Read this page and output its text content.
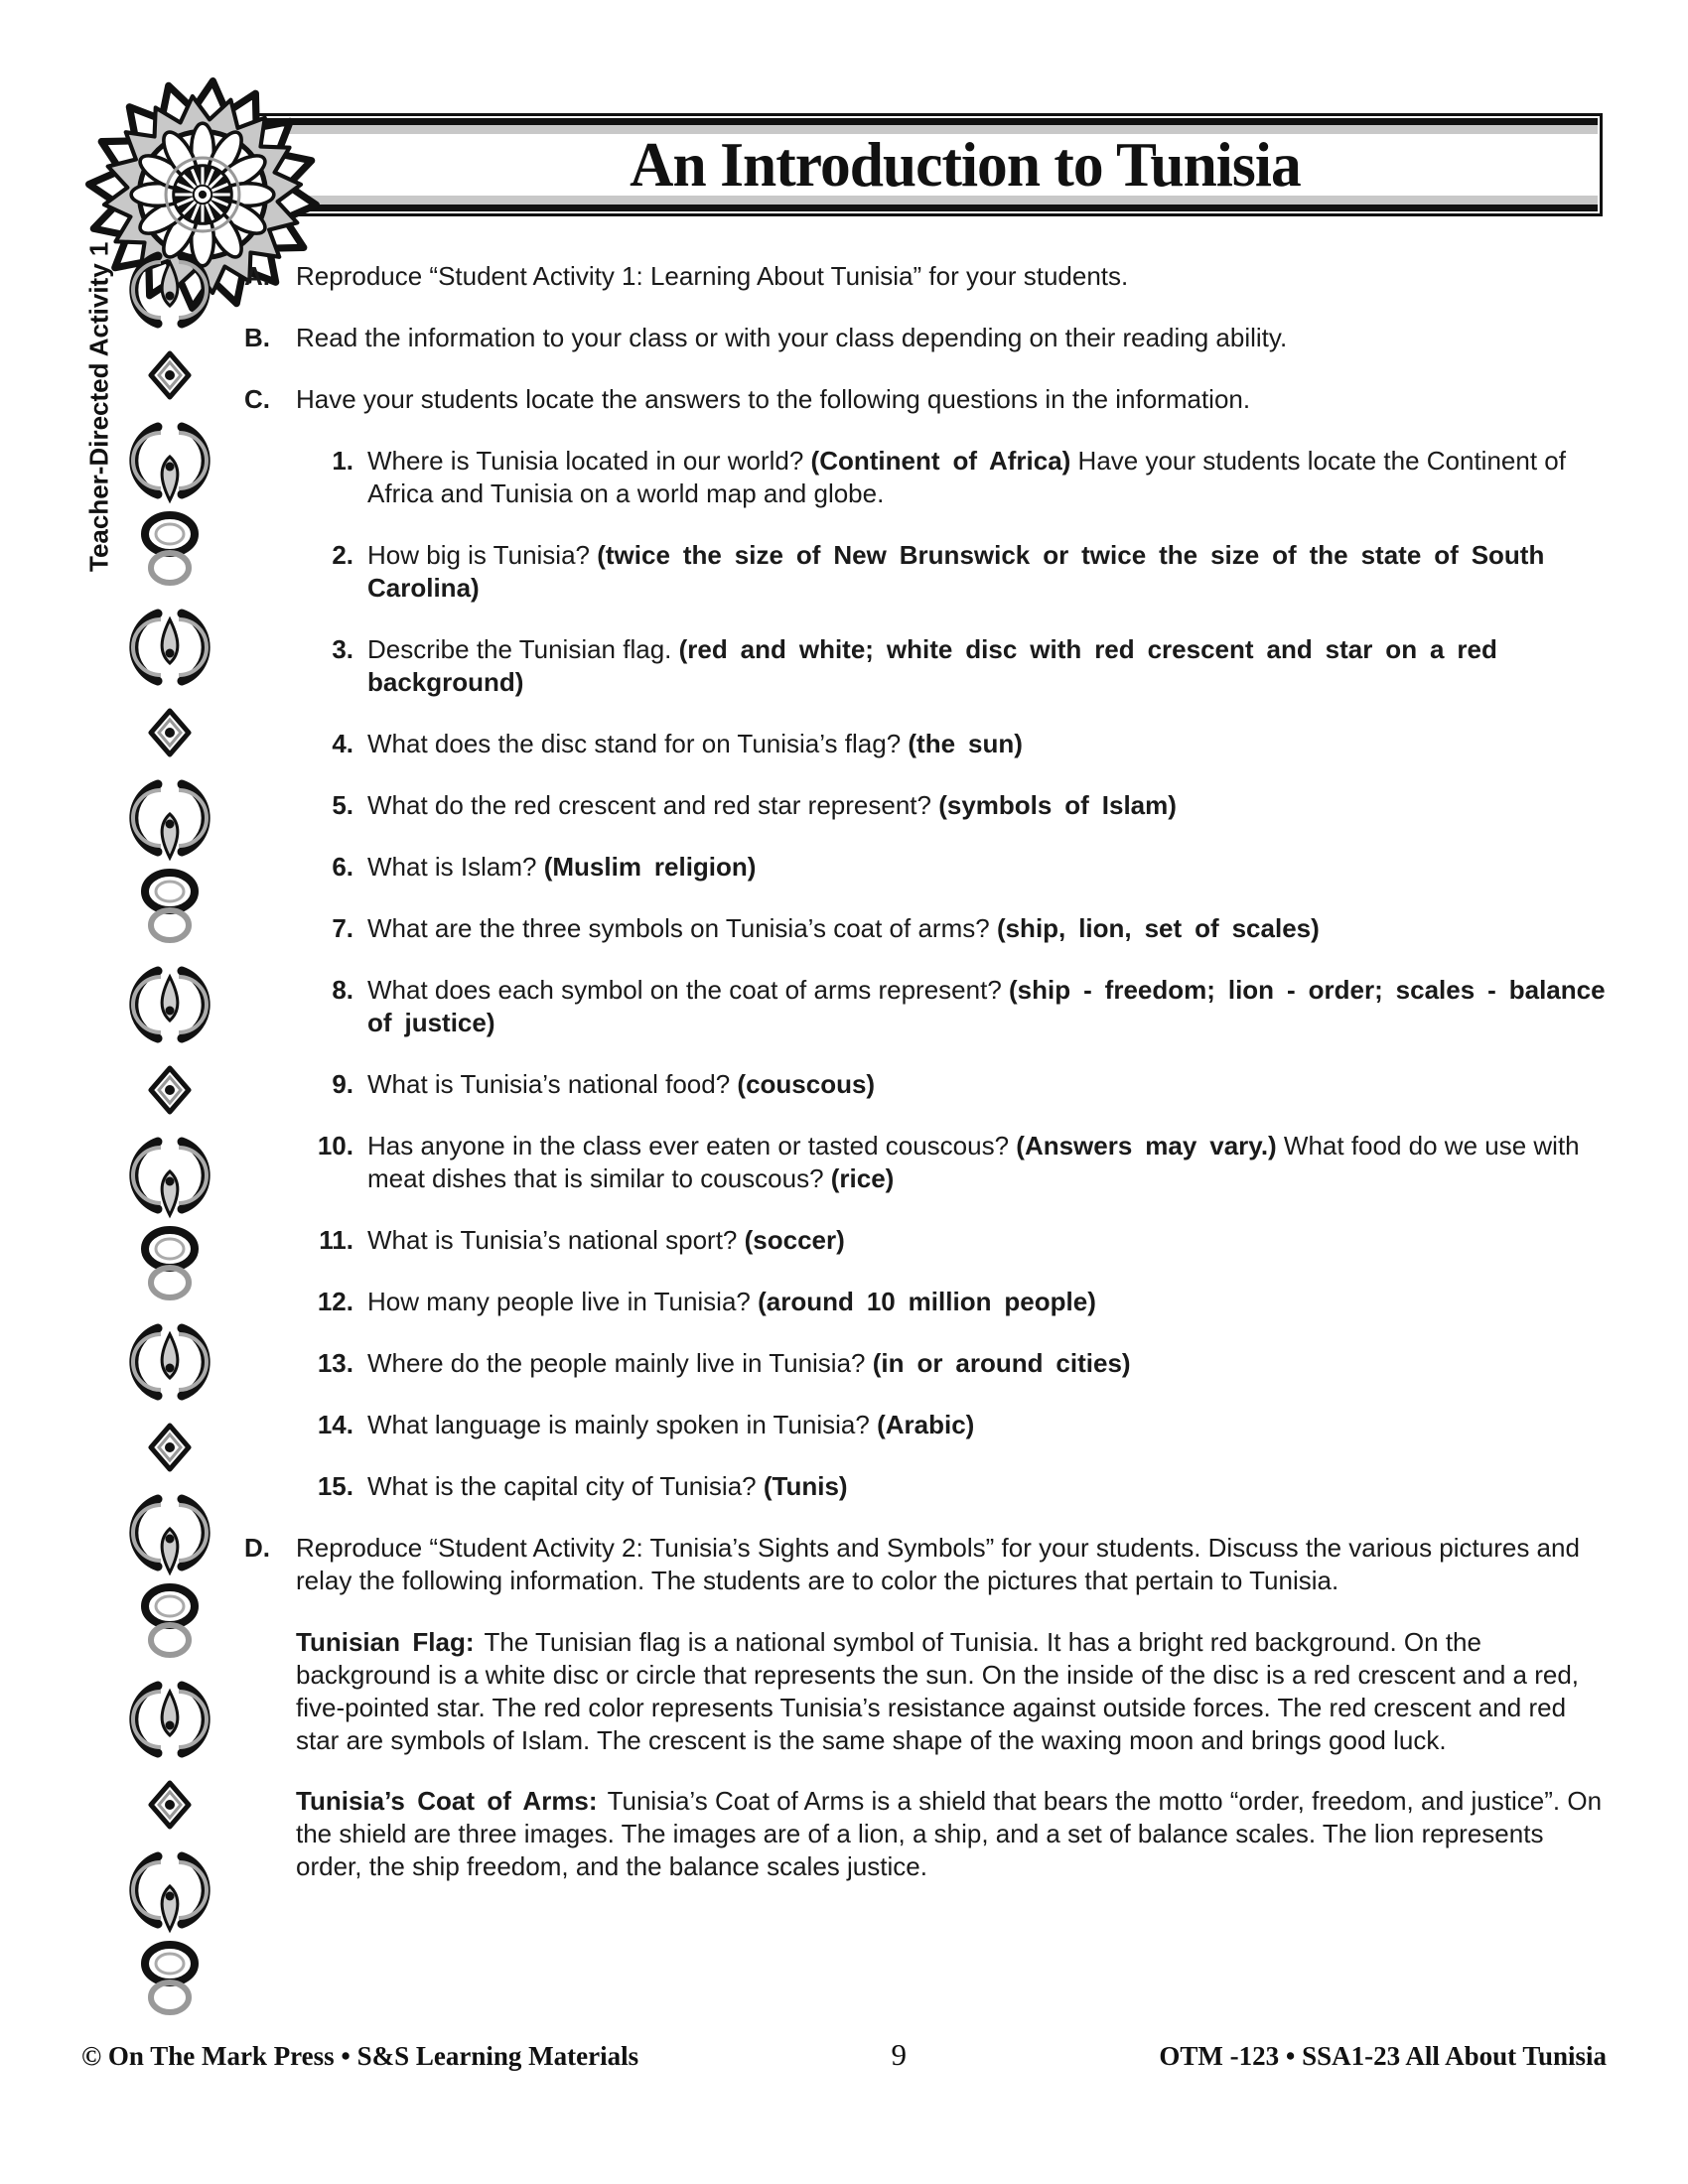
An Introduction to Tunisia
Teacher-Directed Activity 1	A.	Reproduce “Student Activity 1: Learning About Tunisia” for your students.
B.	Read the information to your class or with your class depending on their reading ability.
C.	Have your students locate the answers to the following questions in the information.
1. Where is Tunisia located in our world? (Continent of Africa) Have your students locate the Continent of Africa and Tunisia on a world map and globe.
2. How big is Tunisia? (twice the size of New Brunswick or twice the size of the state of South Carolina)
3. Describe the Tunisian flag. (red and white; white disc with red crescent and star on a red background)
4. What does the disc stand for on Tunisia’s flag? (the sun)
5. What do the red crescent and red star represent? (symbols of Islam)
6. What is Islam? (Muslim religion)
7. What are the three symbols on Tunisia’s coat of arms? (ship, lion, set of scales)
8. What does each symbol on the coat of arms represent? (ship - freedom; lion - order; scales - balance of justice)
9. What is Tunisia’s national food? (couscous)
10. Has anyone in the class ever eaten or tasted couscous? (Answers may vary.) What food do we use with meat dishes that is similar to couscous? (rice)
11. What is Tunisia’s national sport? (soccer)
12. How many people live in Tunisia? (around 10 million people)
13. Where do the people mainly live in Tunisia? (in or around cities)
14. What language is mainly spoken in Tunisia? (Arabic)
15. What is the capital city of Tunisia? (Tunis)
D.	Reproduce “Student Activity 2: Tunisia’s Sights and Symbols” for your students. Discuss the various pictures and relay the following information. The students are to color the pictures that pertain to Tunisia.
Tunisian Flag: The Tunisian flag is a national symbol of Tunisia. It has a bright red background. On the background is a white disc or circle that represents the sun. On the inside of the disc is a red crescent and a red, five-pointed star. The red color represents Tunisia’s resistance against outside forces. The red crescent and red star are symbols of Islam. The crescent is the same shape of the waxing moon and brings good luck.
Tunisia’s Coat of Arms: Tunisia’s Coat of Arms is a shield that bears the motto “order, freedom, and justice”. On the shield are three images. The images are of a lion, a ship, and a set of balance scales. The lion represents order, the ship freedom, and the balance scales justice.
© On The Mark Press • S&S Learning Materials	9	OTM -123 • SSA1-23 All About Tunisia
